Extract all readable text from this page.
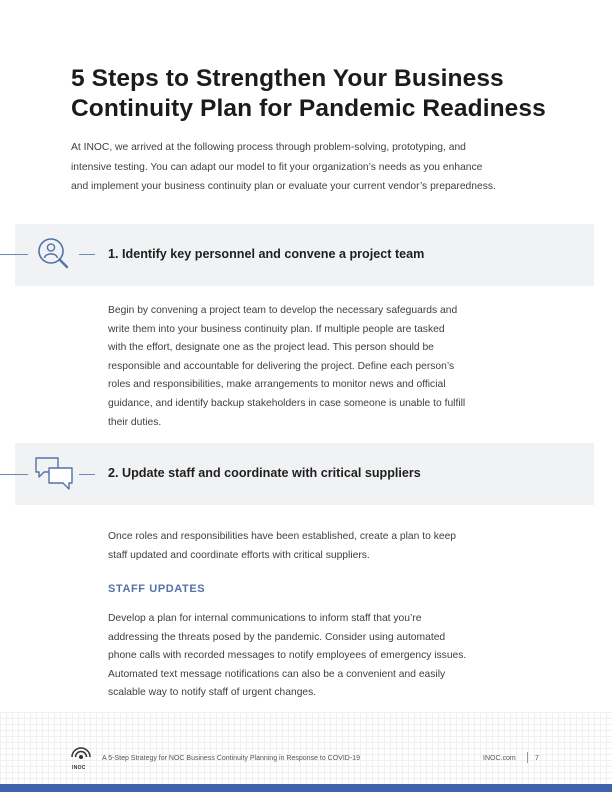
5 Steps to Strengthen Your Business
Continuity Plan for Pandemic Readiness
At INOC, we arrived at the following process through problem-solving, prototyping, and
intensive testing. You can adapt our model to fit your organization’s needs as you enhance
and implement your business continuity plan or evaluate your current vendor’s preparedness.
1. Identify key personnel and convene a project team
Begin by convening a project team to develop the necessary safeguards and
write them into your business continuity plan. If multiple people are tasked
with the effort, designate one as the project lead. This person should be
responsible and accountable for delivering the project. Define each person’s
roles and responsibilities, make arrangements to monitor news and official
guidance, and identify backup stakeholders in case someone is unable to fulfill
their duties.
2. Update staff and coordinate with critical suppliers
Once roles and responsibilities have been established, create a plan to keep
staff updated and coordinate efforts with critical suppliers.
STAFF UPDATES
Develop a plan for internal communications to inform staff that you’re
addressing the threats posed by the pandemic. Consider using automated
phone calls with recorded messages to notify employees of emergency issues.
Automated text message notifications can also be a convenient and easily
scalable way to notify staff of urgent changes.
INOC
A 5-Step Strategy for NOC Business Continuity Planning in Response to COVID-19	INOC.com	7
